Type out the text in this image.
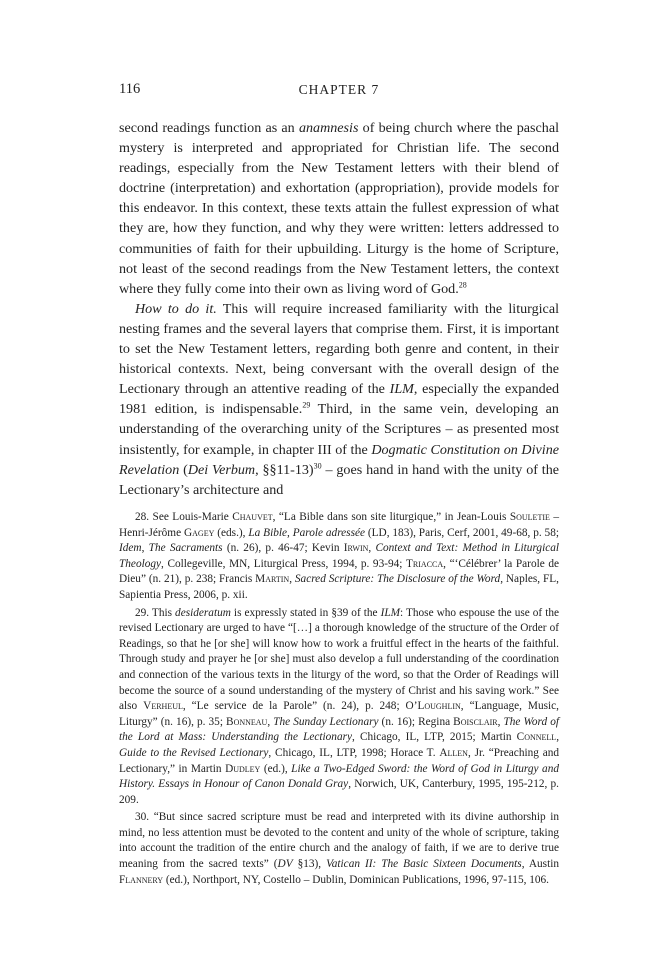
116	CHAPTER 7

second readings function as an anamnesis of being church where the paschal mystery is interpreted and appropriated for Christian life. The second readings, especially from the New Testament letters with their blend of doctrine (interpretation) and exhortation (appropriation), provide models for this endeavor. In this context, these texts attain the fullest expression of what they are, how they function, and why they were written: letters addressed to communities of faith for their upbuilding. Liturgy is the home of Scripture, not least of the second readings from the New Testament letters, the context where they fully come into their own as living word of God.$^{28}$

How to do it. This will require increased familiarity with the liturgical nesting frames and the several layers that comprise them. First, it is important to set the New Testament letters, regarding both genre and content, in their historical contexts. Next, being conversant with the overall design of the Lectionary through an attentive reading of the ILM, especially the expanded 1981 edition, is indispensable.$^{29}$ Third, in the same vein, developing an understanding of the overarching unity of the Scriptures – as presented most insistently, for example, in chapter III of the Dogmatic Constitution on Divine Revelation (Dei Verbum, §§11-13)$^{30}$ – goes hand in hand with the unity of the Lectionary’s architecture and

28. See Louis-Marie Chauvet, “La Bible dans son site liturgique,” in Jean-Louis Souletie – Henri-Jérôme Gagey (eds.), La Bible, Parole adressée (LD, 183), Paris, Cerf, 2001, 49-68, p. 58; Idem, The Sacraments (n. 26), p. 46-47; Kevin Irwin, Context and Text: Method in Liturgical Theology, Collegeville, MN, Liturgical Press, 1994, p. 93-94; Triacca, “‘Célébrer’ la Parole de Dieu” (n. 21), p. 238; Francis Martin, Sacred Scripture: The Disclosure of the Word, Naples, FL, Sapientia Press, 2006, p. xii.

29. This desideratum is expressly stated in §39 of the ILM: Those who espouse the use of the revised Lectionary are urged to have “[…] a thorough knowledge of the structure of the Order of Readings, so that he [or she] will know how to work a fruitful effect in the hearts of the faithful. Through study and prayer he [or she] must also develop a full understanding of the coordination and connection of the various texts in the liturgy of the word, so that the Order of Readings will become the source of a sound understanding of the mystery of Christ and his saving work.” See also Verheul, “Le service de la Parole” (n. 24), p. 248; O’Loughlin, “Language, Music, Liturgy” (n. 16), p. 35; Bonneau, The Sunday Lectionary (n. 16); Regina Boisclair, The Word of the Lord at Mass: Understanding the Lectionary, Chicago, IL, LTP, 2015; Martin Connell, Guide to the Revised Lectionary, Chicago, IL, LTP, 1998; Horace T. Allen, Jr. “Preaching and Lectionary,” in Martin Dudley (ed.), Like a Two-Edged Sword: the Word of God in Liturgy and History. Essays in Honour of Canon Donald Gray, Norwich, UK, Canterbury, 1995, 195-212, p. 209.

30. “But since sacred scripture must be read and interpreted with its divine authorship in mind, no less attention must be devoted to the content and unity of the whole of scripture, taking into account the tradition of the entire church and the analogy of faith, if we are to derive true meaning from the sacred texts” (DV §13), Vatican II: The Basic Sixteen Documents, Austin Flannery (ed.), Northport, NY, Costello – Dublin, Dominican Publications, 1996, 97-115, 106.
